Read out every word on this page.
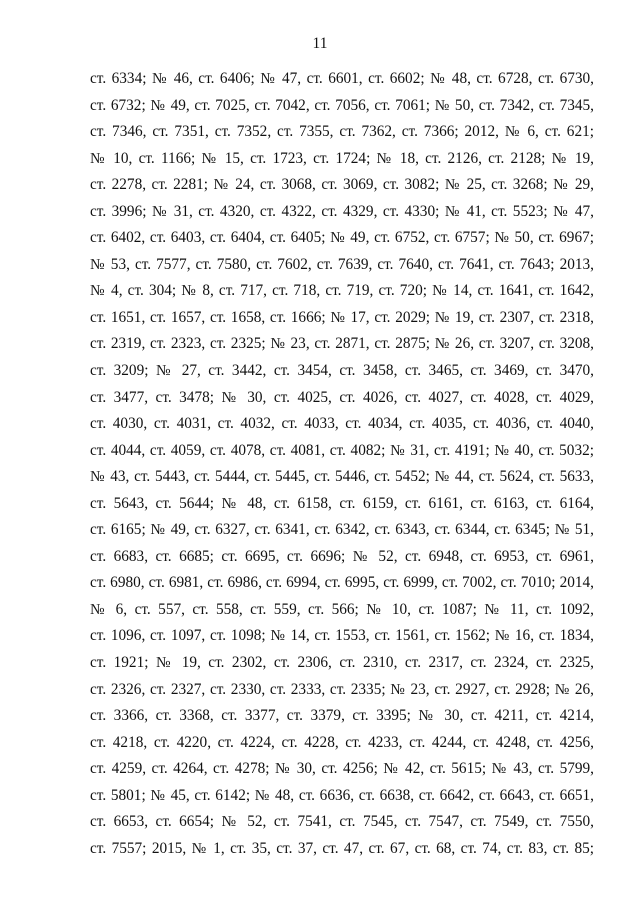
11
ст. 6334; № 46, ст. 6406; № 47, ст. 6601, ст. 6602; № 48, ст. 6728, ст. 6730,
ст. 6732; № 49, ст. 7025, ст. 7042, ст. 7056, ст. 7061; № 50, ст. 7342, ст. 7345,
ст. 7346, ст. 7351, ст. 7352, ст. 7355, ст. 7362, ст. 7366; 2012, № 6, ст. 621;
№ 10, ст. 1166; № 15, ст. 1723, ст. 1724; № 18, ст. 2126, ст. 2128; № 19,
ст. 2278, ст. 2281; № 24, ст. 3068, ст. 3069, ст. 3082; № 25, ст. 3268; № 29,
ст. 3996; № 31, ст. 4320, ст. 4322, ст. 4329, ст. 4330; № 41, ст. 5523; № 47,
ст. 6402, ст. 6403, ст. 6404, ст. 6405; № 49, ст. 6752, ст. 6757; № 50, ст. 6967;
№ 53, ст. 7577, ст. 7580, ст. 7602, ст. 7639, ст. 7640, ст. 7641, ст. 7643; 2013,
№ 4, ст. 304; № 8, ст. 717, ст. 718, ст. 719, ст. 720; № 14, ст. 1641, ст. 1642,
ст. 1651, ст. 1657, ст. 1658, ст. 1666; № 17, ст. 2029; № 19, ст. 2307, ст. 2318,
ст. 2319, ст. 2323, ст. 2325; № 23, ст. 2871, ст. 2875; № 26, ст. 3207, ст. 3208,
ст. 3209; № 27, ст. 3442, ст. 3454, ст. 3458, ст. 3465, ст. 3469, ст. 3470,
ст. 3477, ст. 3478; № 30, ст. 4025, ст. 4026, ст. 4027, ст. 4028, ст. 4029,
ст. 4030, ст. 4031, ст. 4032, ст. 4033, ст. 4034, ст. 4035, ст. 4036, ст. 4040,
ст. 4044, ст. 4059, ст. 4078, ст. 4081, ст. 4082; № 31, ст. 4191; № 40, ст. 5032;
№ 43, ст. 5443, ст. 5444, ст. 5445, ст. 5446, ст. 5452; № 44, ст. 5624, ст. 5633,
ст. 5643, ст. 5644; № 48, ст. 6158, ст. 6159, ст. 6161, ст. 6163, ст. 6164,
ст. 6165; № 49, ст. 6327, ст. 6341, ст. 6342, ст. 6343, ст. 6344, ст. 6345; № 51,
ст. 6683, ст. 6685; ст. 6695, ст. 6696; № 52, ст. 6948, ст. 6953, ст. 6961,
ст. 6980, ст. 6981, ст. 6986, ст. 6994, ст. 6995, ст. 6999, ст. 7002, ст. 7010; 2014,
№ 6, ст. 557, ст. 558, ст. 559, ст. 566; № 10, ст. 1087; № 11, ст. 1092,
ст. 1096, ст. 1097, ст. 1098; № 14, ст. 1553, ст. 1561, ст. 1562; № 16, ст. 1834,
ст. 1921; № 19, ст. 2302, ст. 2306, ст. 2310, ст. 2317, ст. 2324, ст. 2325,
ст. 2326, ст. 2327, ст. 2330, ст. 2333, ст. 2335; № 23, ст. 2927, ст. 2928; № 26,
ст. 3366, ст. 3368, ст. 3377, ст. 3379, ст. 3395; № 30, ст. 4211, ст. 4214,
ст. 4218, ст. 4220, ст. 4224, ст. 4228, ст. 4233, ст. 4244, ст. 4248, ст. 4256,
ст. 4259, ст. 4264, ст. 4278; № 30, ст. 4256; № 42, ст. 5615; № 43, ст. 5799,
ст. 5801; № 45, ст. 6142; № 48, ст. 6636, ст. 6638, ст. 6642, ст. 6643, ст. 6651,
ст. 6653, ст. 6654; № 52, ст. 7541, ст. 7545, ст. 7547, ст. 7549, ст. 7550,
ст. 7557; 2015, № 1, ст. 35, ст. 37, ст. 47, ст. 67, ст. 68, ст. 74, ст. 83, ст. 85;
